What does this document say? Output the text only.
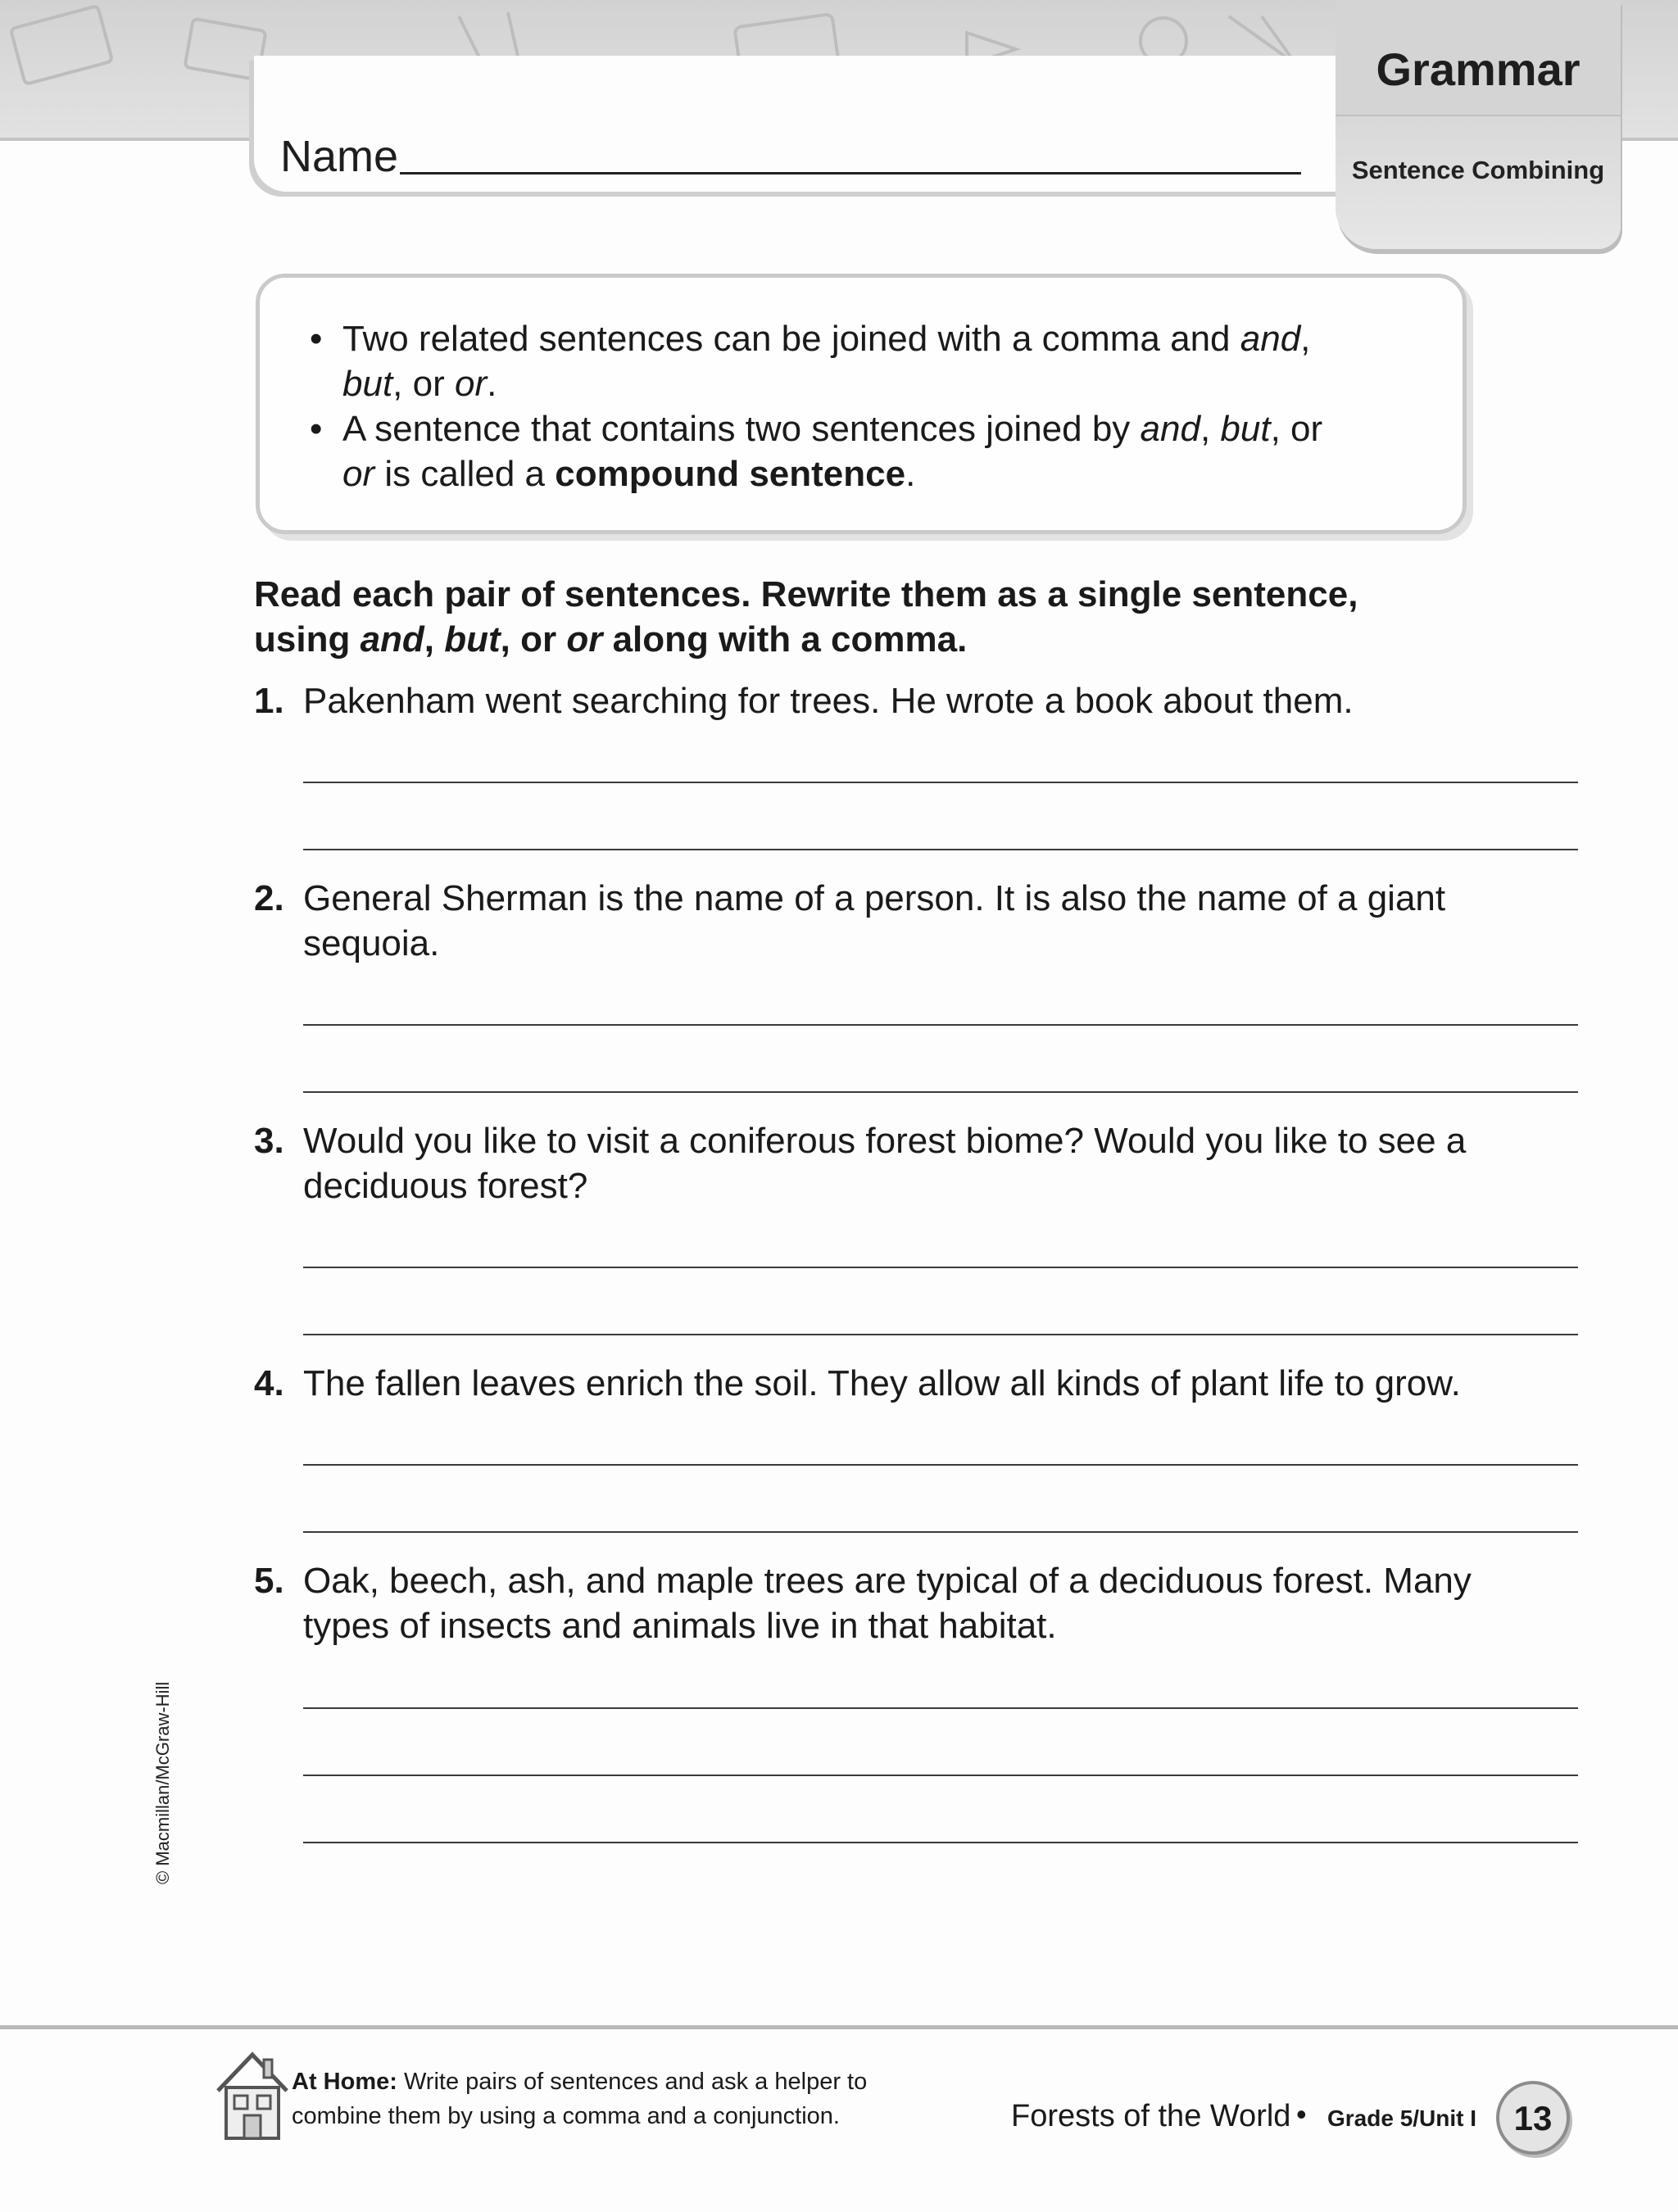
Name
Grammar
Sentence Combining
• Two related sentences can be joined with a comma and and,
but, or or.
• A sentence that contains two sentences joined by and, but, or
or is called a compound sentence.
Read each pair of sentences. Rewrite them as a single sentence,
using and, but, or or along with a comma.
1. Pakenham went searching for trees. He wrote a book about them.
2. General Sherman is the name of a person. It is also the name of a giant
sequoia.
3. Would you like to visit a coniferous forest biome? Would you like to see a
deciduous forest?
4. The fallen leaves enrich the soil. They allow all kinds of plant life to grow.
5. Oak, beech, ash, and maple trees are typical of a deciduous forest. Many
types of insects and animals live in that habitat.
© Macmillan/McGraw-Hill
At Home: Write pairs of sentences and ask a helper to
combine them by using a comma and a conjunction.	Forests of the World • Grade 5/Unit I	13
